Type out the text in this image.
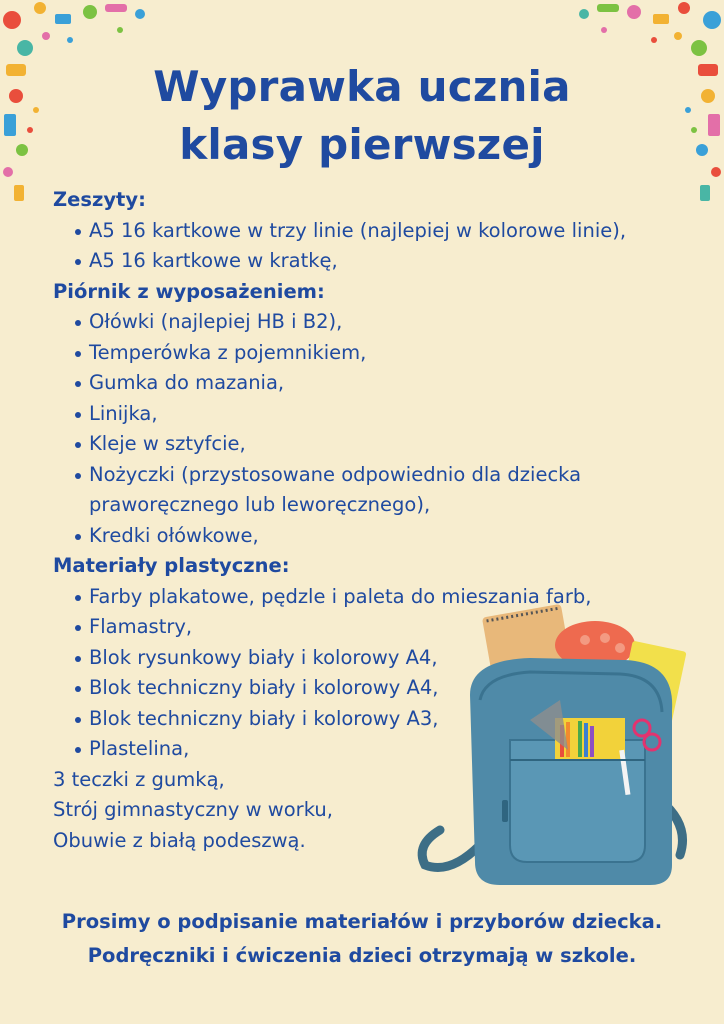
Wyprawka ucznia
klasy pierwszej
Zeszyty:
A5 16 kartkowe w trzy linie (najlepiej w kolorowe linie),
A5 16 kartkowe w kratkę,
Piórnik z wyposażeniem:
Ołówki (najlepiej HB i B2),
Temperówka z pojemnikiem,
Gumka do mazania,
Linijka,
Kleje w sztyfcie,
Nożyczki (przystosowane odpowiednio dla dziecka praworęcznego lub leworęcznego),
Kredki ołówkowe,
Materiały plastyczne:
Farby plakatowe, pędzle i paleta do mieszania farb,
Flamastry,
Blok rysunkowy biały i kolorowy A4,
Blok techniczny biały i kolorowy A4,
Blok techniczny biały i kolorowy A3,
Plastelina,
3 teczki z gumką,
Strój gimnastyczny w worku,
Obuwie z białą podeszwą.
Prosimy o podpisanie materiałów i przyborów dziecka.
Podręczniki i ćwiczenia dzieci otrzymają w szkole.
